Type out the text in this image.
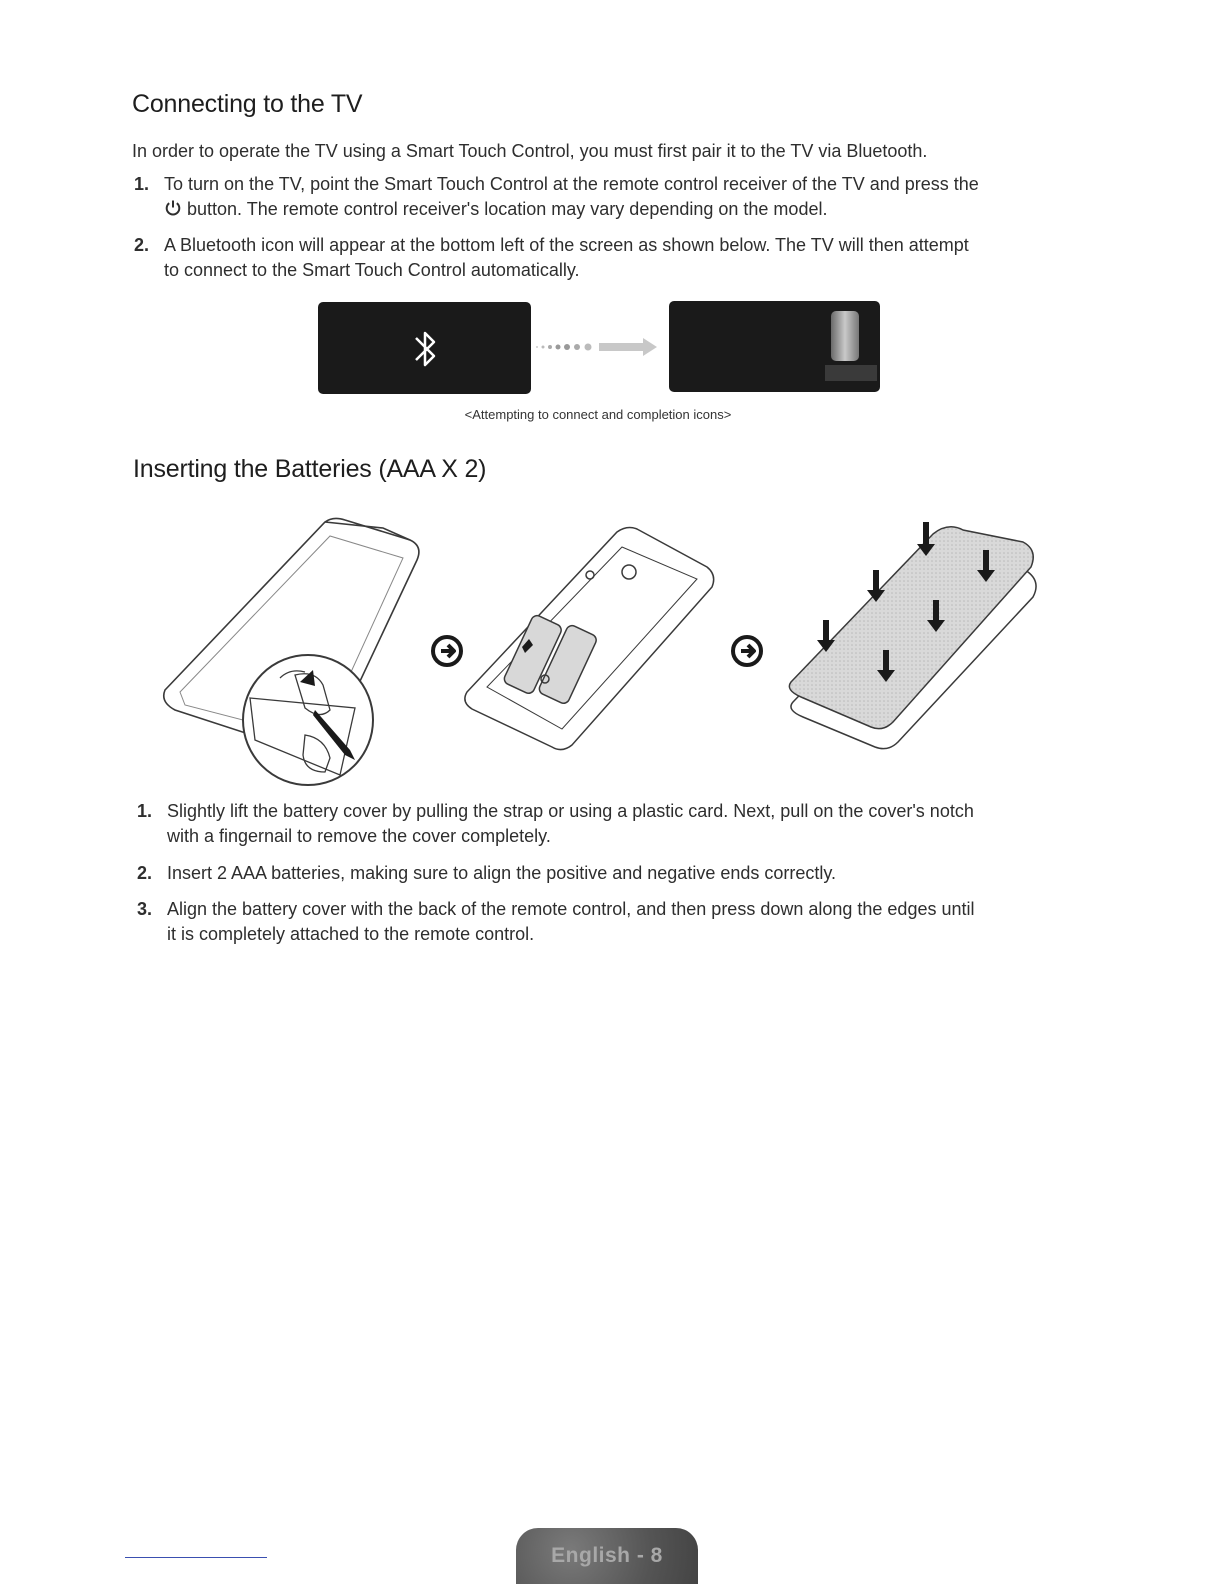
Connecting to the TV
In order to operate the TV using a Smart Touch Control, you must first pair it to the TV via Bluetooth.
1. To turn on the TV, point the Smart Touch Control at the remote control receiver of the TV and press the
button. The remote control receiver's location may vary depending on the model.
2. A Bluetooth icon will appear at the bottom left of the screen as shown below. The TV will then attempt
to connect to the Smart Touch Control automatically.
<Attempting to connect and completion icons>
Inserting the Batteries (AAA X 2)
1. Slightly lift the battery cover by pulling the strap or using a plastic card. Next, pull on the cover's notch
with a fingernail to remove the cover completely.
2. Insert 2 AAA batteries, making sure to align the positive and negative ends correctly.
3. Align the battery cover with the back of the remote control, and then press down along the edges until
it is completely attached to the remote control.
English - 8
